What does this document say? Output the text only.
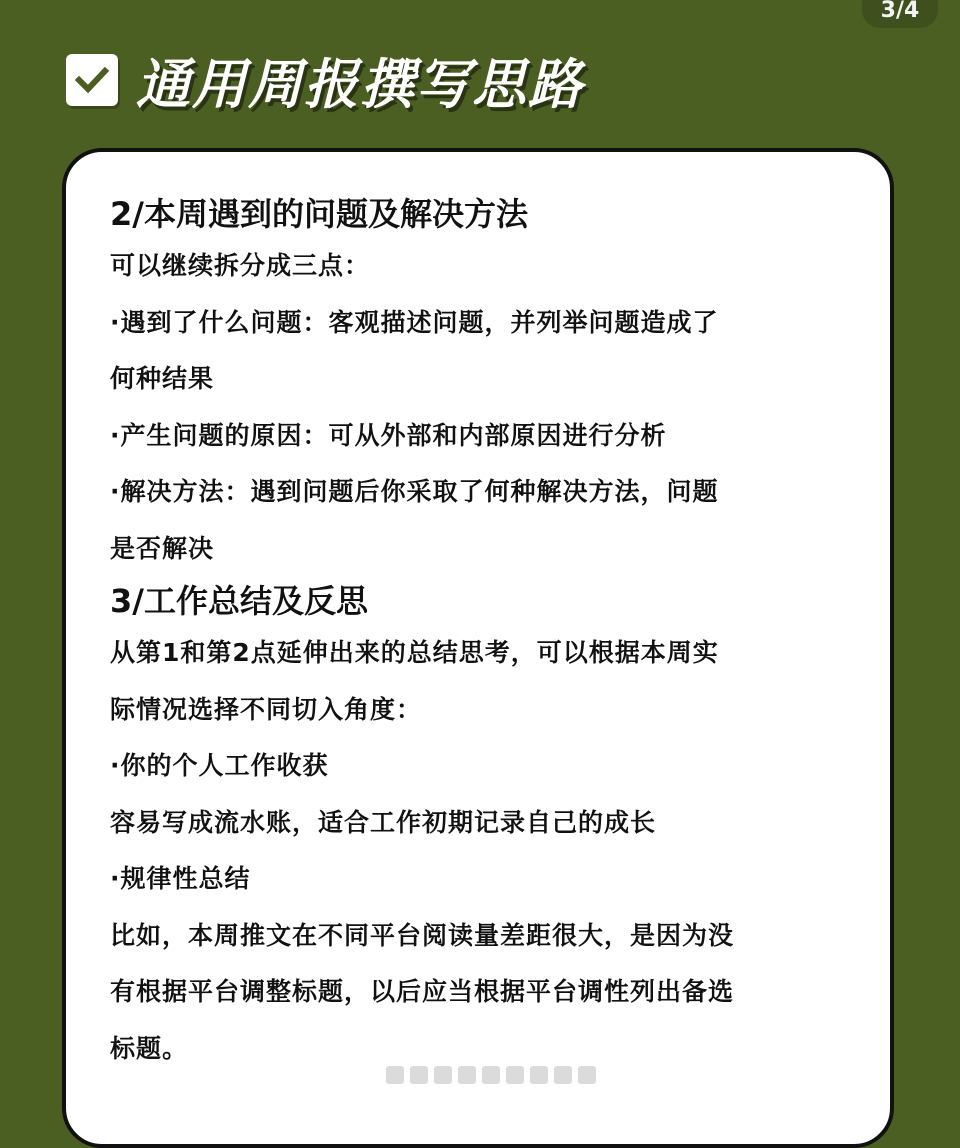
3/4
通用周报撰写思路
2/本周遇到的问题及解决方法
可以继续拆分成三点：
·遇到了什么问题：客观描述问题，并列举问题造成了
何种结果
·产生问题的原因：可从外部和内部原因进行分析
·解决方法：遇到问题后你采取了何种解决方法，问题
是否解决
3/工作总结及反思
从第1和第2点延伸出来的总结思考，可以根据本周实
际情况选择不同切入角度：
·你的个人工作收获
容易写成流水账，适合工作初期记录自己的成长
·规律性总结
比如，本周推文在不同平台阅读量差距很大，是因为没
有根据平台调整标题，以后应当根据平台调性列出备选
标题。
